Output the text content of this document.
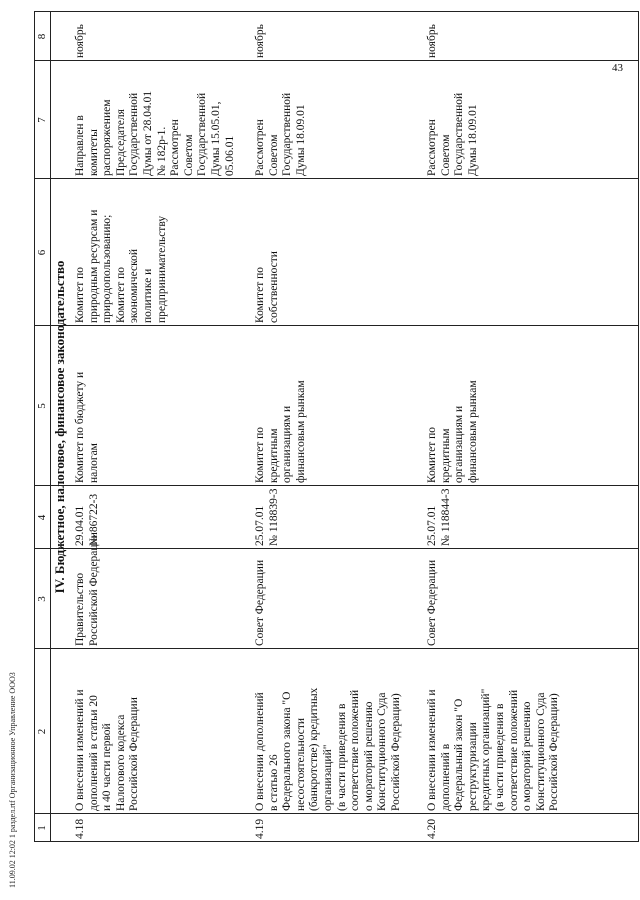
IV. Бюджетное, налоговое, финансовое законодательство
1
2
3
4
5
6
7
8
4.18
О внесении изменений и дополнений в статьи 20 и 40 части первой Налогового кодекса Российской Федерации
Правительство Российской Федерации
29.04.01 № 86722-3
Комитет по бюджету и налогам
Комитет по природным ресурсам и природопользованию; Комитет по экономической политике и предпринимательству
Направлен в комитеты распоряжением Председателя Государственной Думы от 28.04.01 № 182р-1. Рассмотрен Советом Государственной Думы 15.05.01, 05.06.01
ноябрь
4.19
О внесении дополнений в статью 26 Федерального закона "О несостоятельности (банкротстве) кредитных организаций" (в части приведения в соответствие положений о мораторий решению Конституционного Суда Российской Федерации)
Совет Федерации
25.07.01 № 118839-3
Комитет по кредитным организациям и финансовым рынкам
Комитет по собственности
Рассмотрен Советом Государственной Думы 18.09.01
ноябрь
4.20
О внесении изменений и дополнений в Федеральный закон "О реструктуризации кредитных организаций" (в части приведения в соответствие положений о мораторий решению Конституционного Суда Российской Федерации)
Совет Федерации
25.07.01 № 118844-3
Комитет по кредитным организациям и финансовым рынкам
Рассмотрен Советом Государственной Думы 18.09.01
ноябрь
43
11.09.02 12:02 1 раздел.rtf Организационное Управление ООО3
